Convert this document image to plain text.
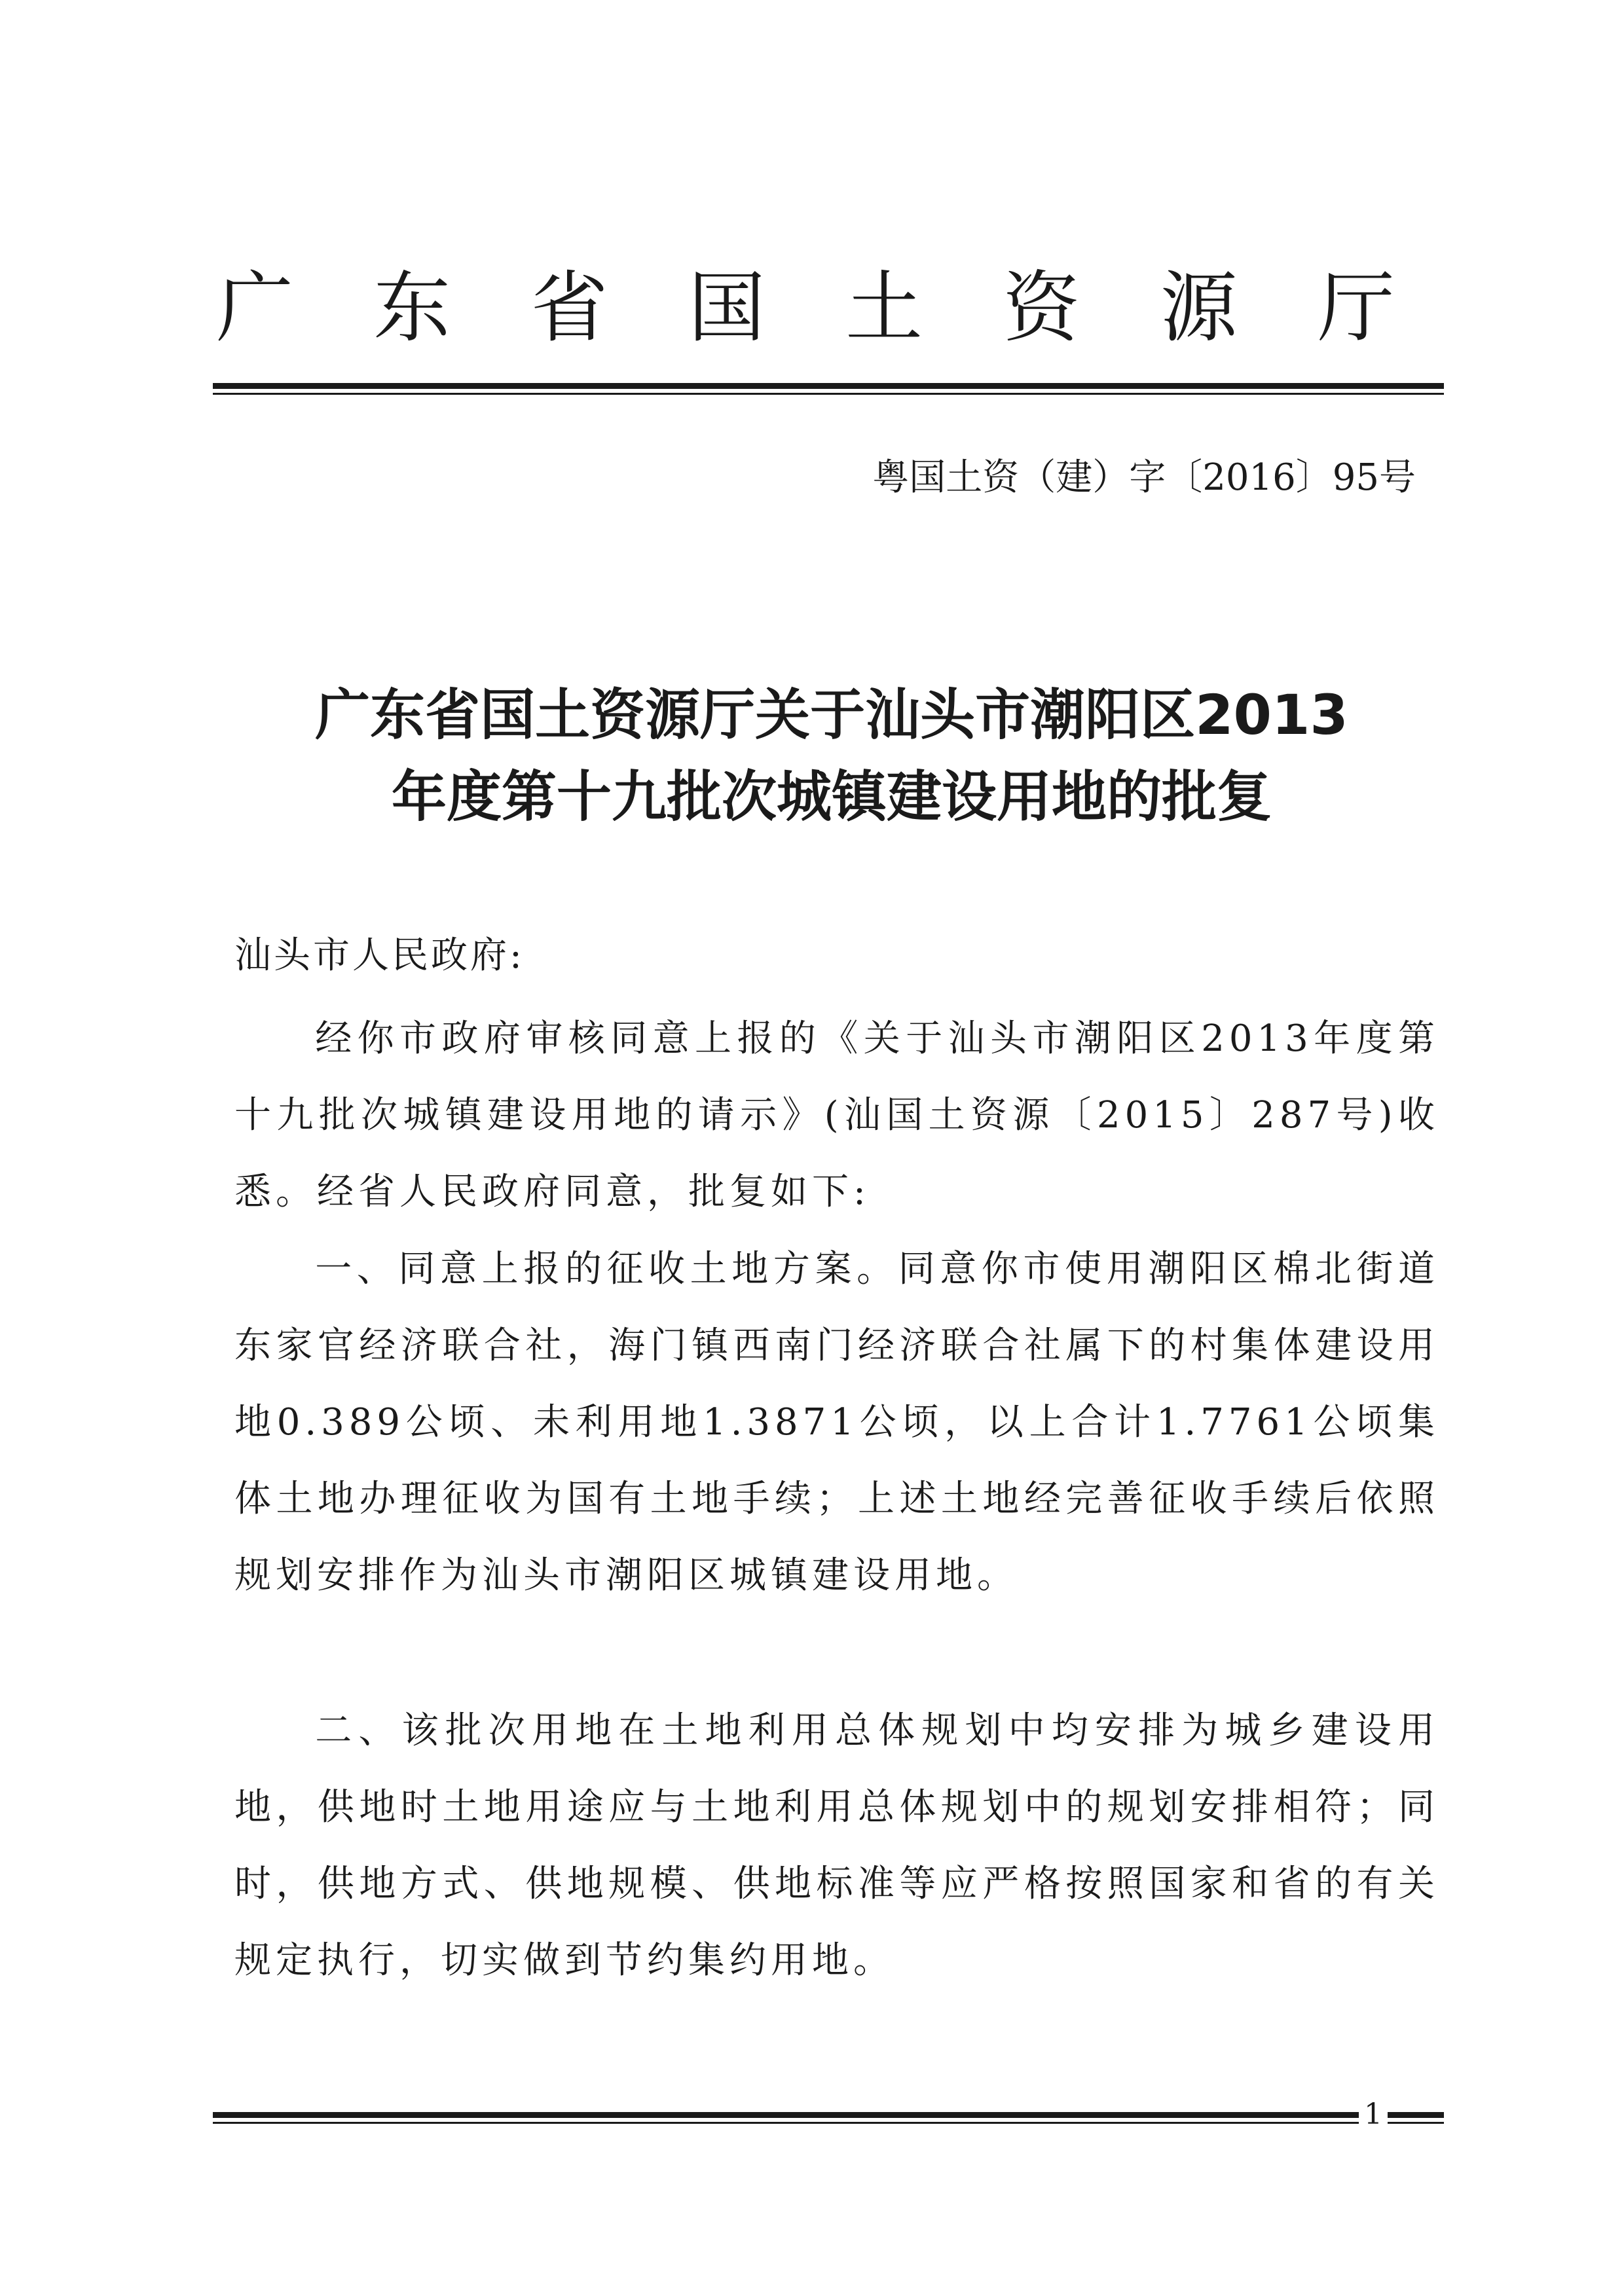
广 东 省 国 土 资 源 厅
粤国土资（建）字〔2016〕95号
广东省国土资源厅关于汕头市潮阳区2013
年度第十九批次城镇建设用地的批复
汕头市人民政府:

经你市政府审核同意上报的《关于汕头市潮阳区2013年度第十九批次城镇建设用地的请示》(汕国土资源〔2015〕287号)收悉。经省人民政府同意，批复如下:

一、同意上报的征收土地方案。同意你市使用潮阳区棉北街道东家官经济联合社，海门镇西南门经济联合社属下的村集体建设用地0.389公顷、未利用地1.3871公顷，以上合计1.7761公顷集体土地办理征收为国有土地手续；上述土地经完善征收手续后依照规划安排作为汕头市潮阳区城镇建设用地。

二、该批次用地在土地利用总体规划中均安排为城乡建设用地，供地时土地用途应与土地利用总体规划中的规划安排相符；同时，供地方式、供地规模、供地标准等应严格按照国家和省的有关规定执行，切实做到节约集约用地。

1
